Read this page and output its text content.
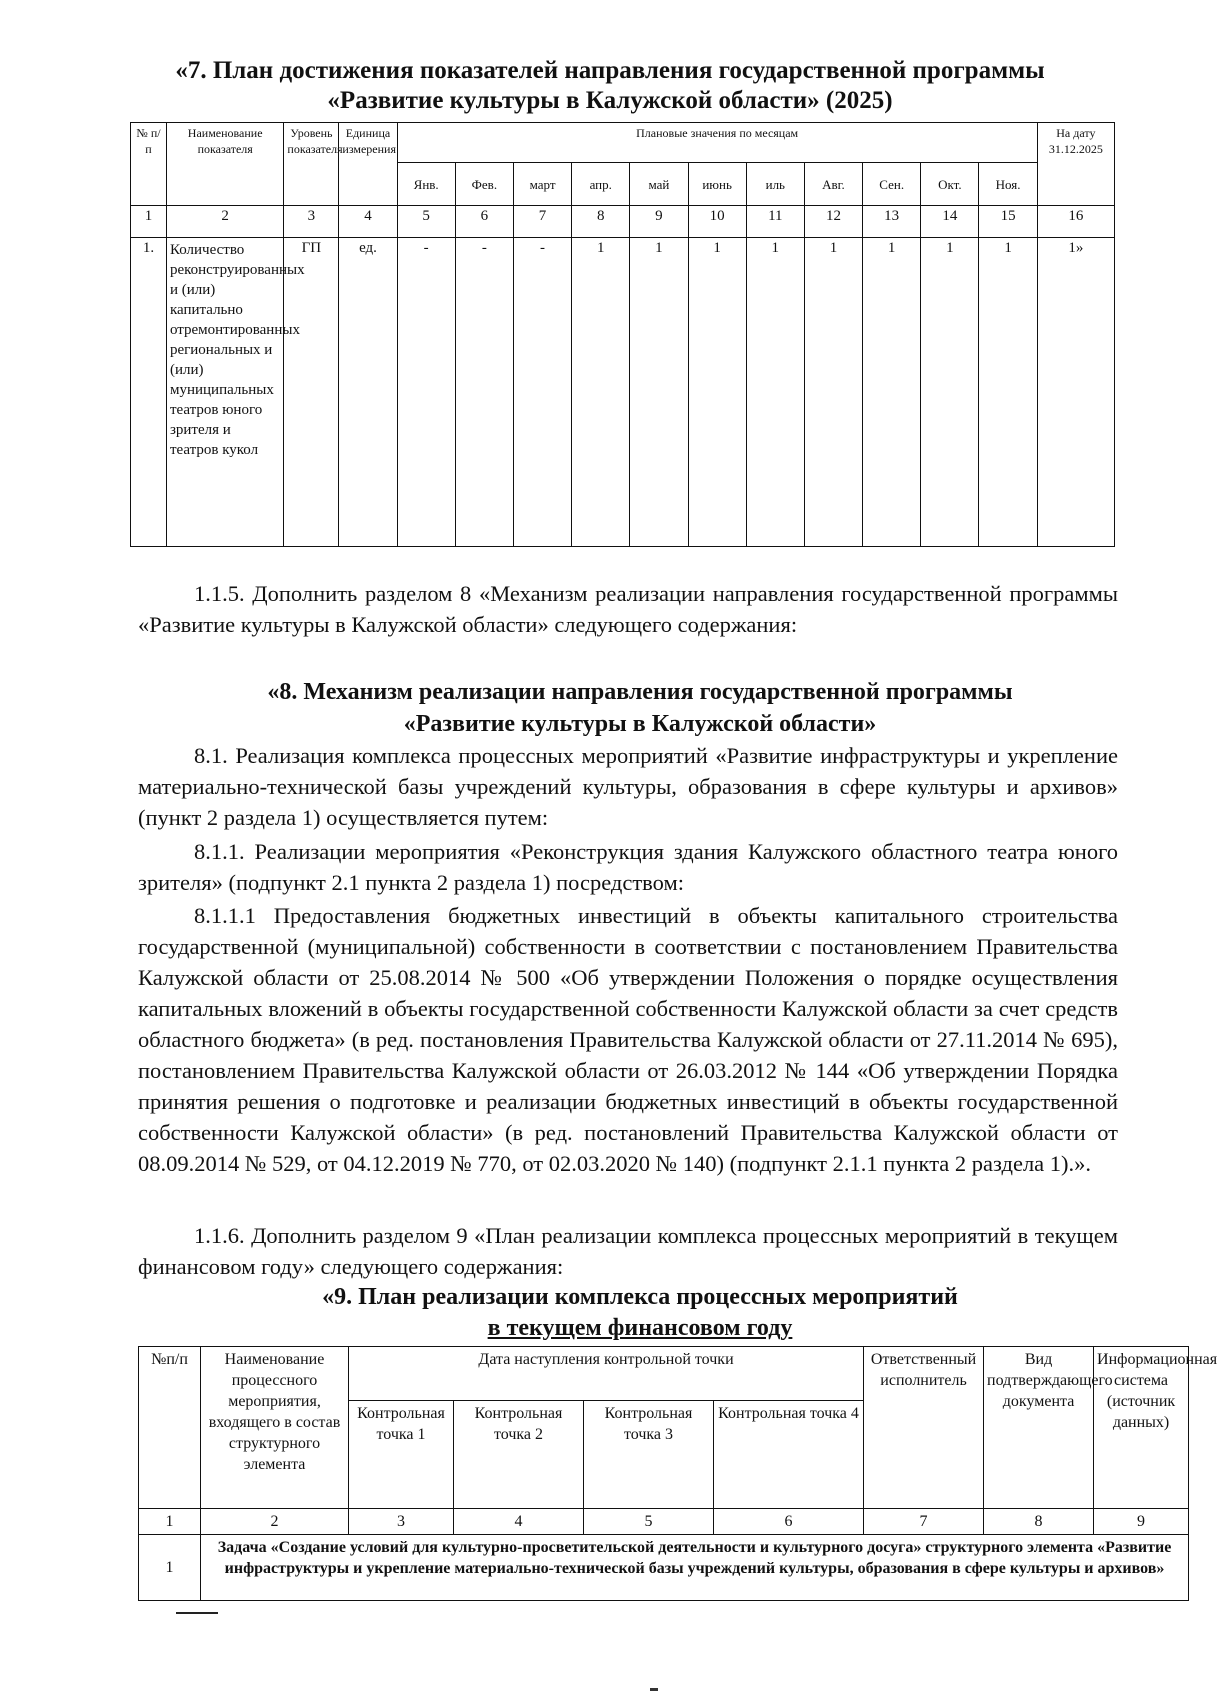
«7. План достижения показателей направления государственной программы
«Развитие культуры в Калужской области» (2025)
№ п/п	Наименование показателя	Уровень показателя	Единица измерения	Плановые значения по месяцам											На дату 31.12.2025
				Янв.	Фев.	март	апр.	май	июнь	иль	Авг.	Сен.	Окт.	Ноя.	
1	2	3	4	5	6	7	8	9	10	11	12	13	14	15	16
1.	Количество реконструированных и (или) капитально отремонтированных региональных и (или) муниципальных театров юного зрителя и театров кукол	ГП	ед.	-	-	-	1	1	1	1	1	1	1	1	1»
1.1.5. Дополнить разделом 8 «Механизм реализации направления государственной программы «Развитие культуры в Калужской области» следующего содержания:
«8. Механизм реализации направления государственной программы
«Развитие культуры в Калужской области»
8.1. Реализация комплекса процессных мероприятий «Развитие инфраструктуры и укрепление материально-технической базы учреждений культуры, образования в сфере культуры и архивов» (пункт 2 раздела 1) осуществляется путем:
8.1.1. Реализации мероприятия «Реконструкция здания Калужского областного театра юного зрителя» (подпункт 2.1 пункта 2 раздела 1) посредством:
8.1.1.1 Предоставления бюджетных инвестиций в объекты капитального строительства государственной (муниципальной) собственности в соответствии с постановлением Правительства Калужской области от 25.08.2014 № 500 «Об утверждении Положения о порядке осуществления капитальных вложений в объекты государственной собственности Калужской области за счет средств областного бюджета» (в ред. постановления Правительства Калужской области от 27.11.2014 № 695), постановлением Правительства Калужской области от 26.03.2012 № 144 «Об утверждении Порядка принятия решения о подготовке и реализации бюджетных инвестиций в объекты государственной собственности Калужской области» (в ред. постановлений Правительства Калужской области от 08.09.2014 № 529, от 04.12.2019 № 770, от 02.03.2020 № 140) (подпункт 2.1.1 пункта 2 раздела 1).».
1.1.6. Дополнить разделом 9 «План реализации комплекса процессных мероприятий в текущем финансовом году» следующего содержания:
«9. План реализации комплекса процессных мероприятий
в текущем финансовом году
№п/п	Наименование процессного мероприятия, входящего в состав структурного элемента	Дата наступления контрольной точки				Ответственный исполнитель	Вид подтверждающего документа	Информационная система (источник данных)
		Контрольная точка 1	Контрольная точка 2	Контрольная точка 3	Контрольная точка 4			
1	2	3	4	5	6	7	8	9
1	Задача «Создание условий для культурно-просветительской деятельности и культурного досуга» структурного элемента «Развитие инфраструктуры и укрепление материально-технической базы учреждений культуры, образования в сфере культуры и архивов»							
